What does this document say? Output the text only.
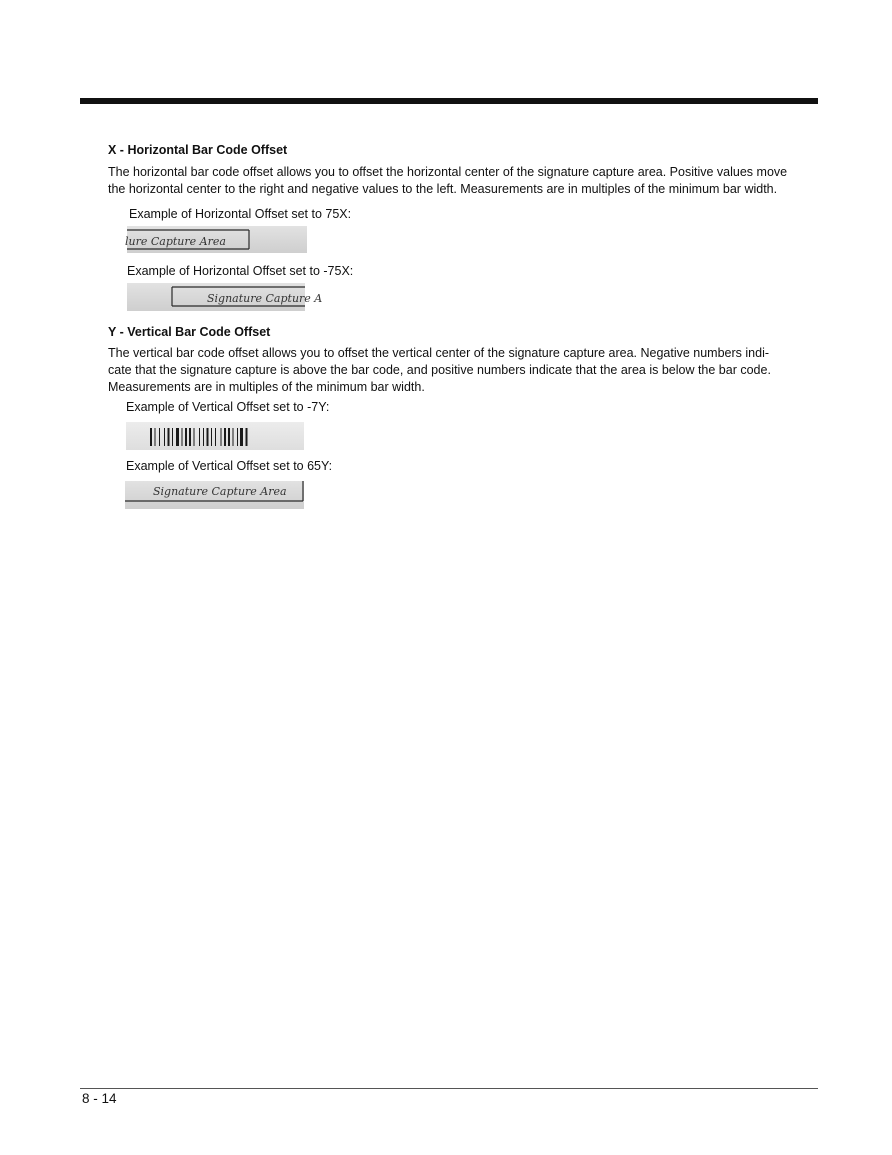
X - Horizontal Bar Code Offset
The horizontal bar code offset allows you to offset the horizontal center of the signature capture area. Positive values move
the horizontal center to the right and negative values to the left. Measurements are in multiples of the minimum bar width.
Example of Horizontal Offset set to 75X:
lure Capture Area
Example of Horizontal Offset set to -75X:
Signature Capture A
Y - Vertical Bar Code Offset
The vertical bar code offset allows you to offset the vertical center of the signature capture area. Negative numbers indi-
cate that the signature capture is above the bar code, and positive numbers indicate that the area is below the bar code.
Measurements are in multiples of the minimum bar width.
Example of Vertical Offset set to -7Y:
Example of Vertical Offset set to 65Y:
Signature Capture Area
8 - 14
